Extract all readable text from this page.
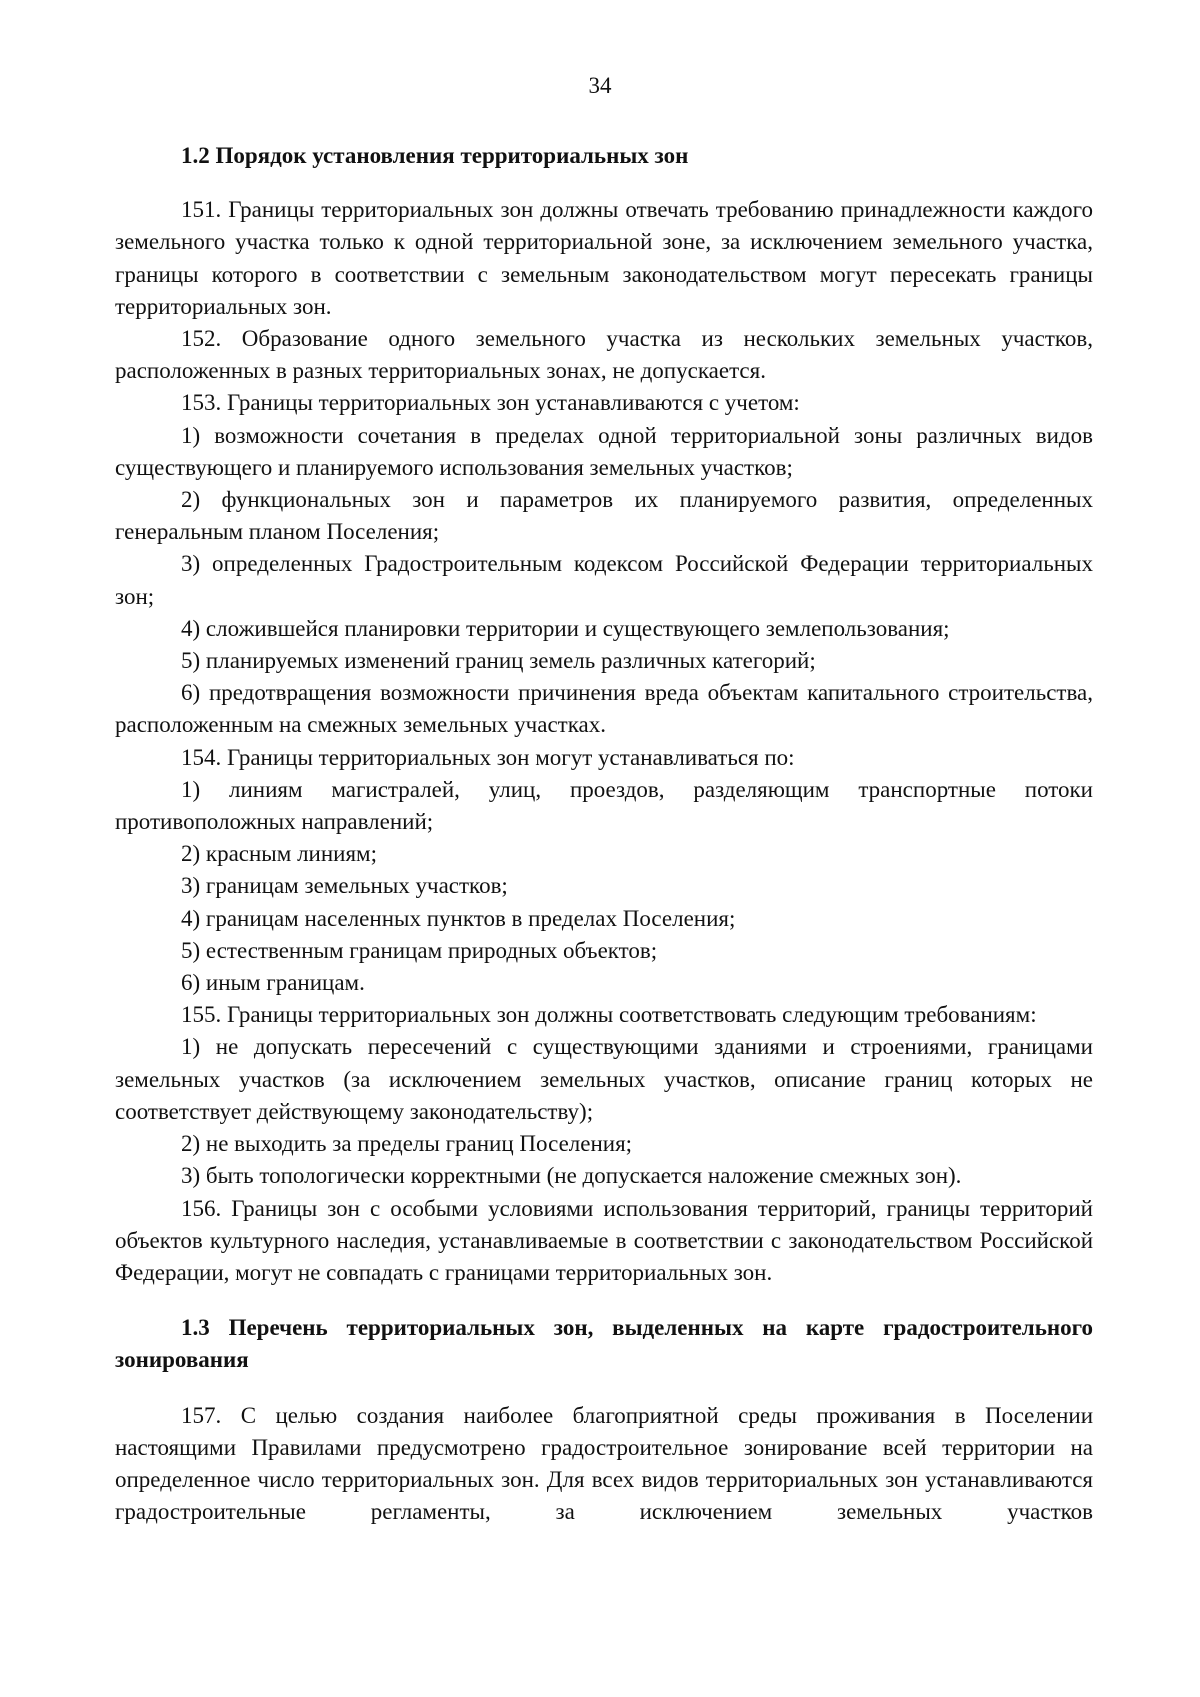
34

1.2 Порядок установления территориальных зон

151. Границы территориальных зон должны отвечать требованию принадлежности каждого земельного участка только к одной территориальной зоне, за исключением земельного участка, границы которого в соответствии с земельным законодательством могут пересекать границы территориальных зон.

152. Образование одного земельного участка из нескольких земельных участков, расположенных в разных территориальных зонах, не допускается.

153. Границы территориальных зон устанавливаются с учетом:

1) возможности сочетания в пределах одной территориальной зоны различных видов существующего и планируемого использования земельных участков;

2) функциональных зон и параметров их планируемого развития, определенных генеральным планом Поселения;

3) определенных Градостроительным кодексом Российской Федерации территориальных зон;

4) сложившейся планировки территории и существующего землепользования;

5) планируемых изменений границ земель различных категорий;

6) предотвращения возможности причинения вреда объектам капитального строительства, расположенным на смежных земельных участках.

154. Границы территориальных зон могут устанавливаться по:

1) линиям магистралей, улиц, проездов, разделяющим транспортные потоки противоположных направлений;

2) красным линиям;

3) границам земельных участков;

4) границам населенных пунктов в пределах Поселения;

5) естественным границам природных объектов;

6) иным границам.

155. Границы территориальных зон должны соответствовать следующим требованиям:

1) не допускать пересечений с существующими зданиями и строениями, границами земельных участков (за исключением земельных участков, описание границ которых не соответствует действующему законодательству);

2) не выходить за пределы границ Поселения;

3) быть топологически корректными (не допускается наложение смежных зон).

156. Границы зон с особыми условиями использования территорий, границы территорий объектов культурного наследия, устанавливаемые в соответствии с законодательством Российской Федерации, могут не совпадать с границами территориальных зон.

1.3 Перечень территориальных зон, выделенных на карте градостроительного зонирования

157. С целью создания наиболее благоприятной среды проживания в Поселении настоящими Правилами предусмотрено градостроительное зонирование всей территории на определенное число территориальных зон. Для всех видов территориальных зон устанавливаются градостроительные регламенты, за исключением земельных участков
